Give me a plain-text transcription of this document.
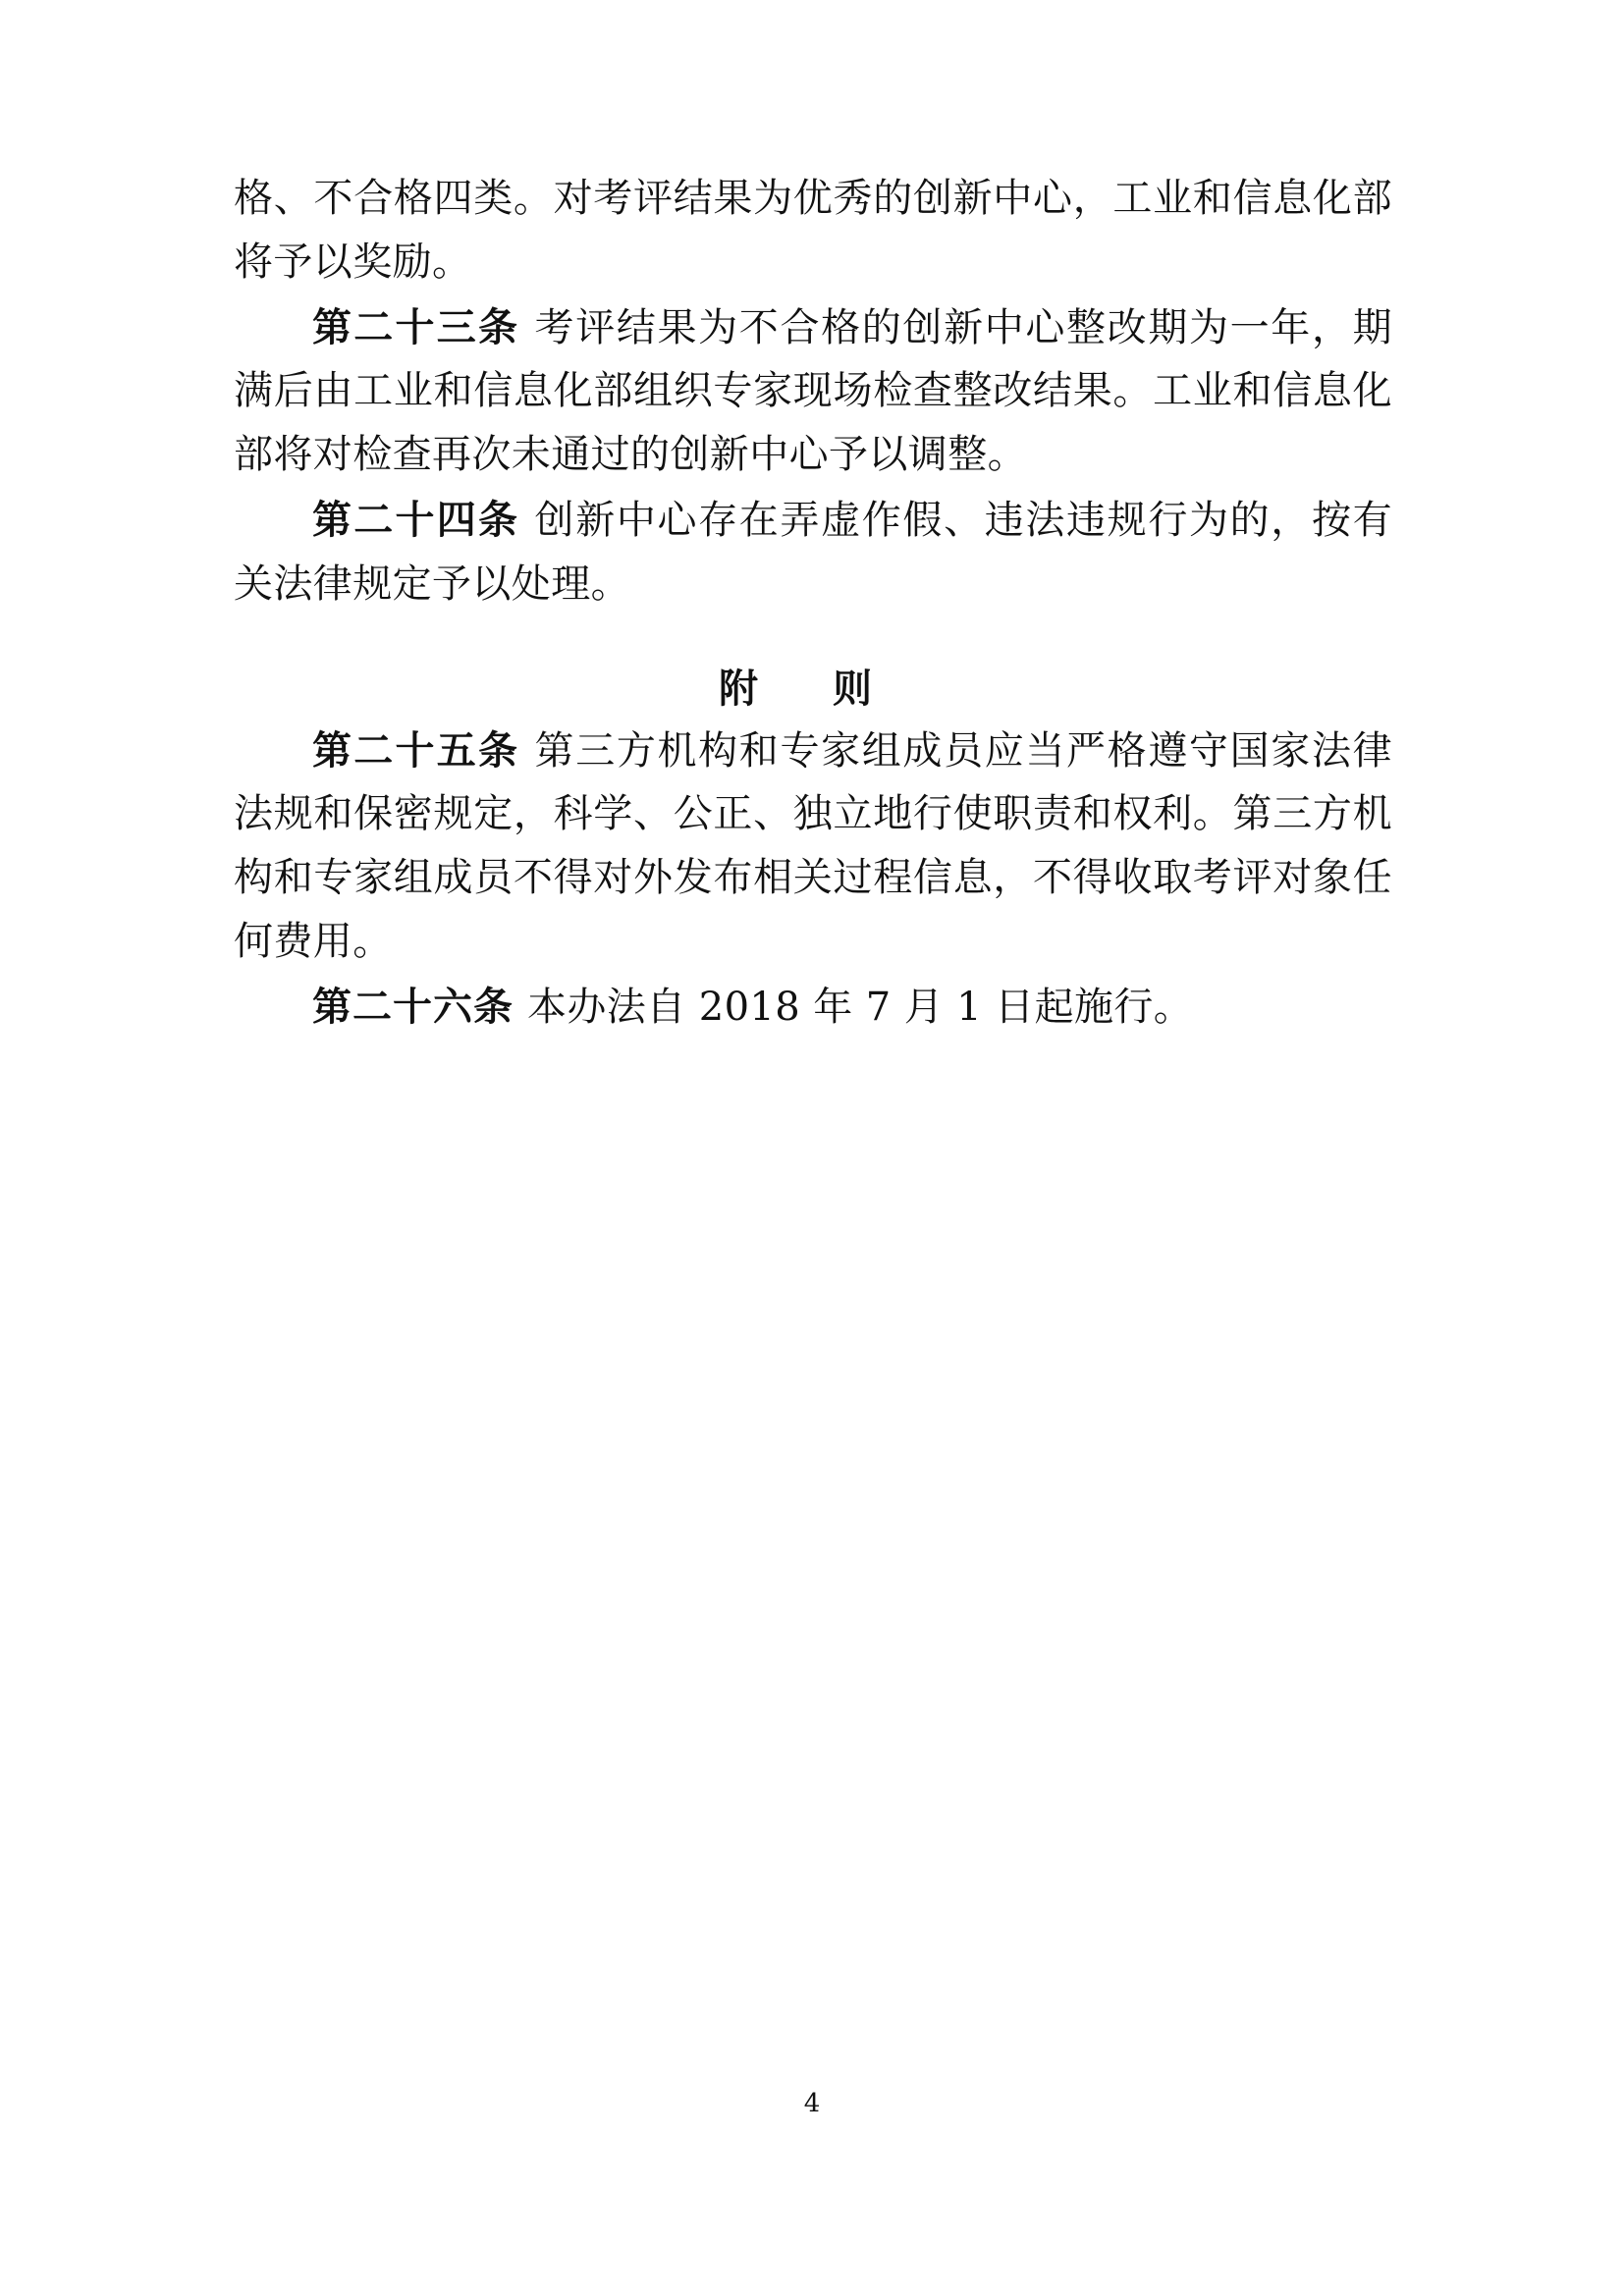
格、不合格四类。对考评结果为优秀的创新中心，工业和信息化部将予以奖励。

第二十三条 考评结果为不合格的创新中心整改期为一年，期满后由工业和信息化部组织专家现场检查整改结果。工业和信息化部将对检查再次未通过的创新中心予以调整。

第二十四条 创新中心存在弄虚作假、违法违规行为的，按有关法律规定予以处理。

附　则

第二十五条 第三方机构和专家组成员应当严格遵守国家法律法规和保密规定，科学、公正、独立地行使职责和权利。第三方机构和专家组成员不得对外发布相关过程信息，不得收取考评对象任何费用。

第二十六条 本办法自 2018 年 7 月 1 日起施行。

4
